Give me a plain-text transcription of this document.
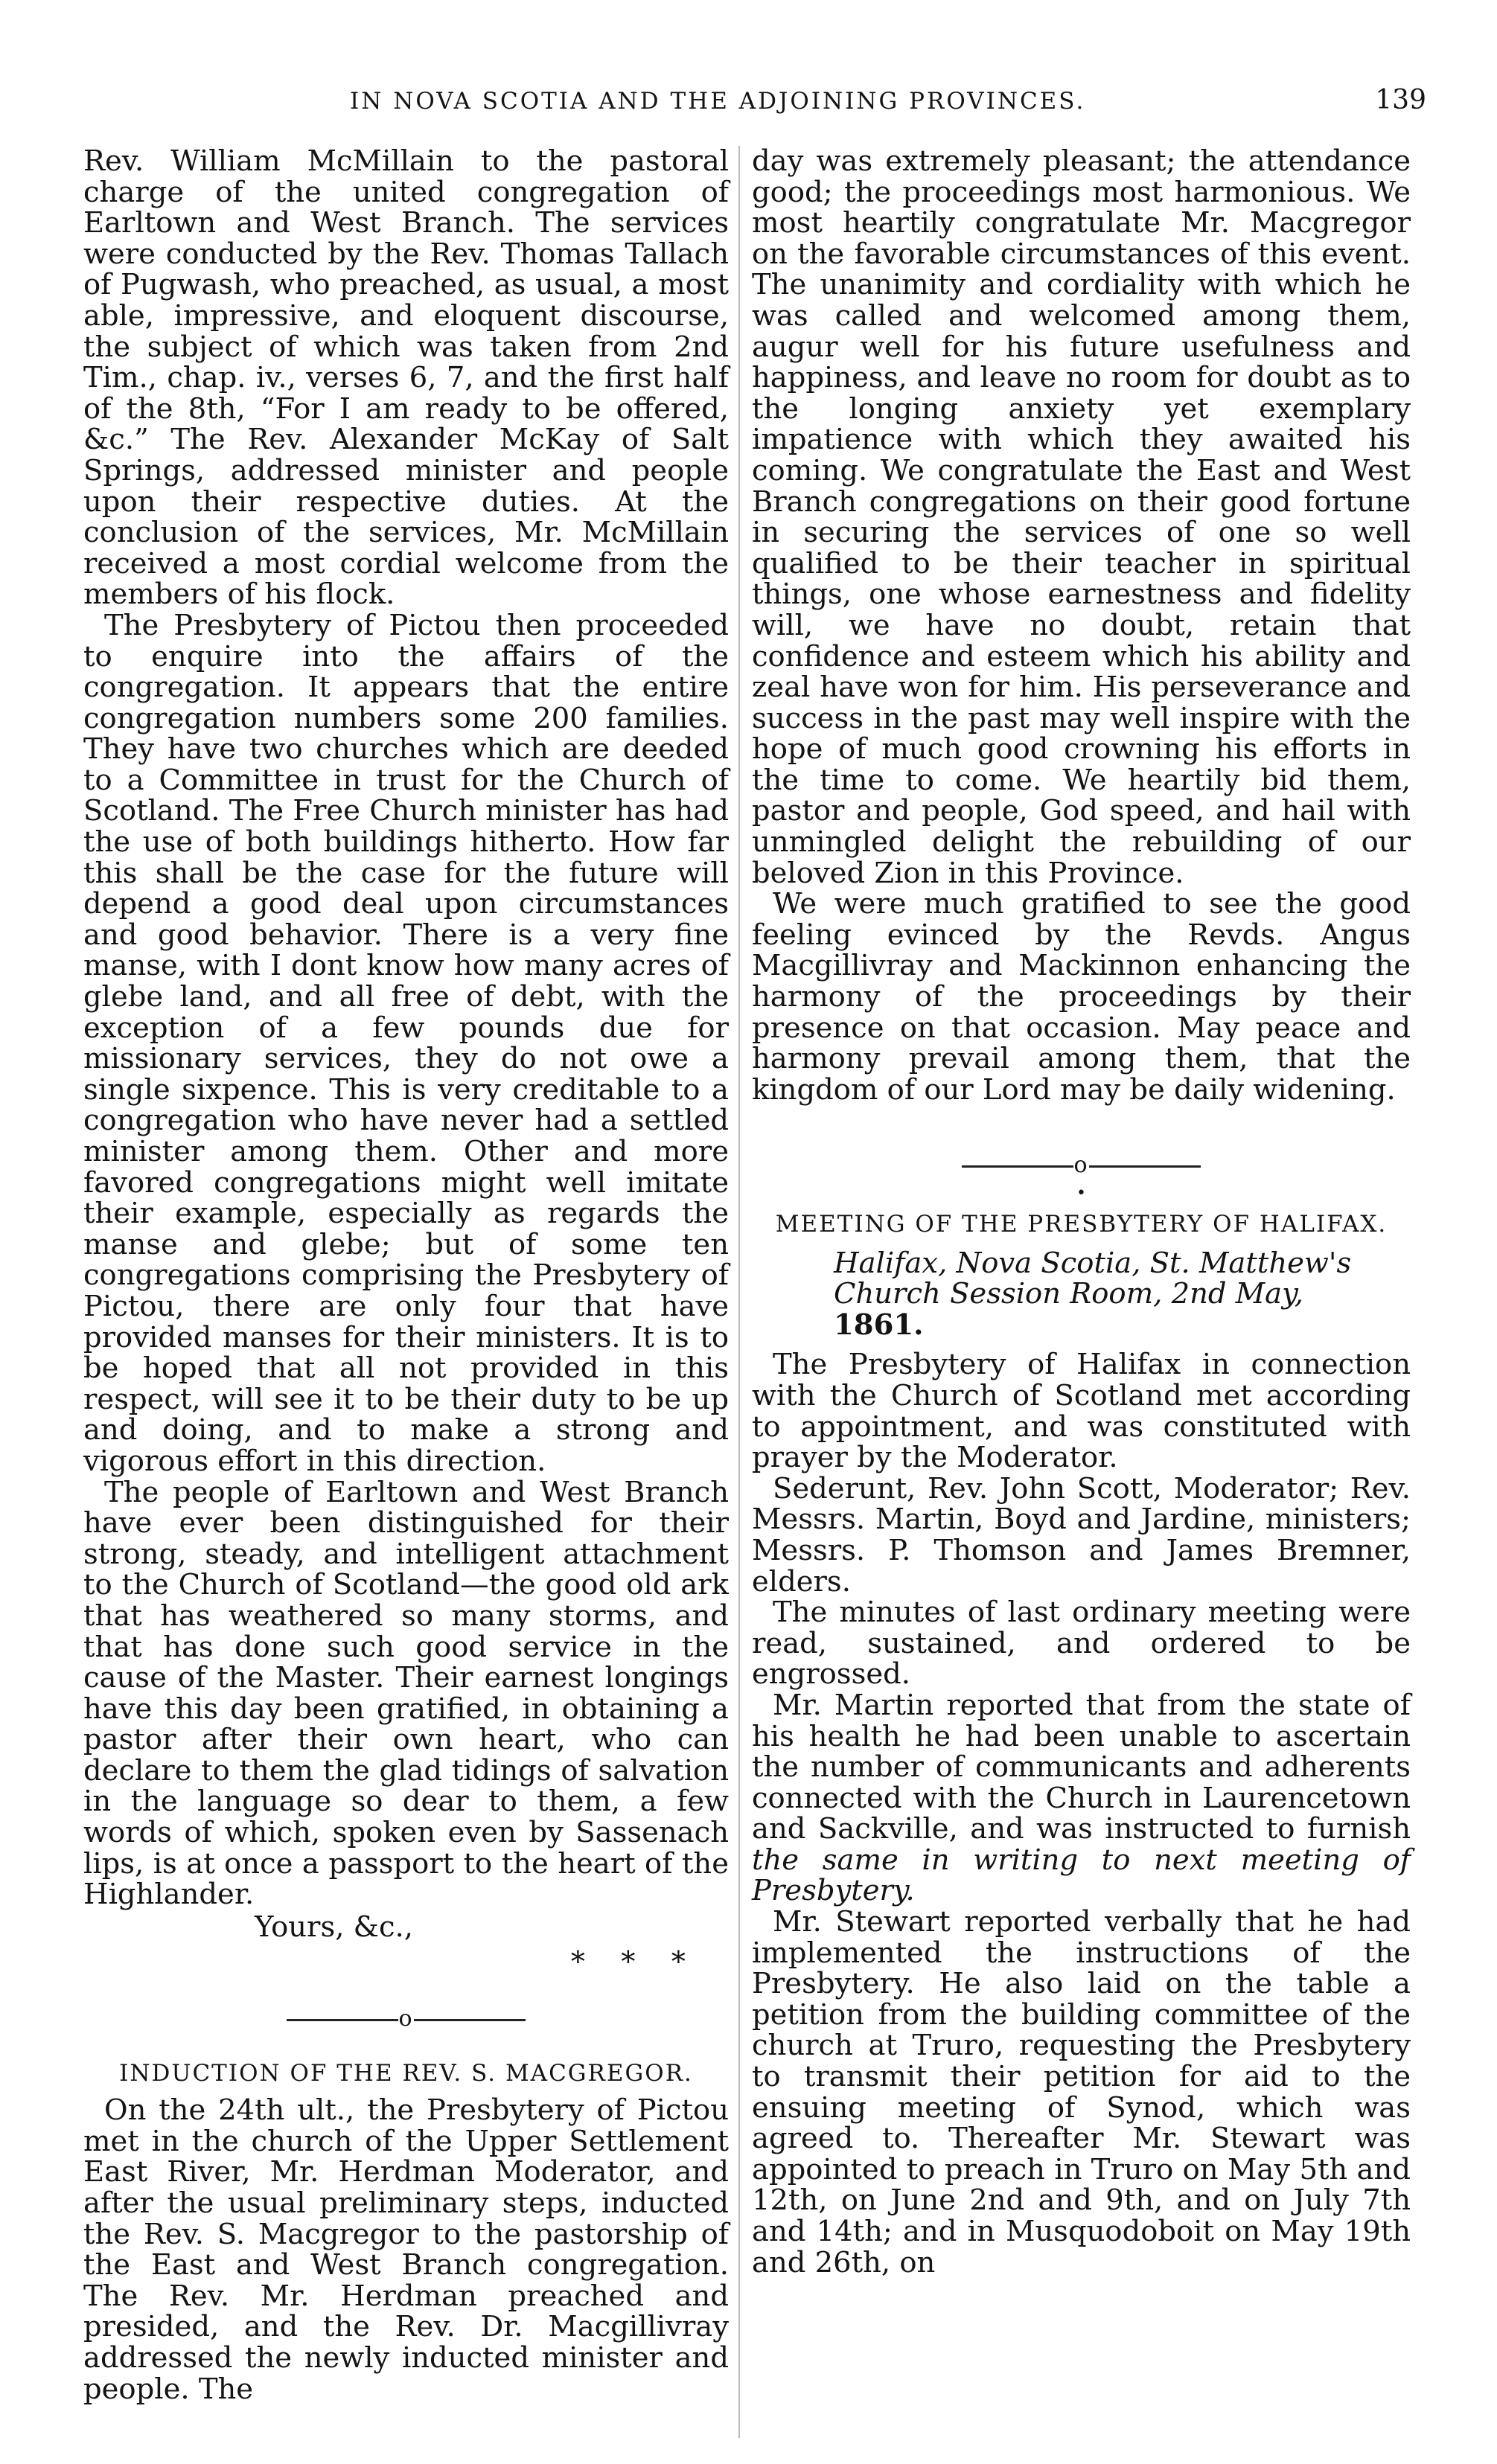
IN NOVA SCOTIA AND THE ADJOINING PROVINCES.	139

Rev. William McMillain to the pastoral charge of the united congregation of Earltown and West Branch. The services were conducted by the Rev. Thomas Tallach of Pugwash, who preached, as usual, a most able, impressive, and eloquent discourse, the subject of which was taken from 2nd Tim., chap. iv., verses 6, 7, and the first half of the 8th, “For I am ready to be offered, &c.” The Rev. Alexander McKay of Salt Springs, addressed minister and people upon their respective duties. At the conclusion of the services, Mr. McMillain received a most cordial welcome from the members of his flock.

The Presbytery of Pictou then proceeded to enquire into the affairs of the congregation. It appears that the entire congregation numbers some 200 families. They have two churches which are deeded to a Committee in trust for the Church of Scotland. The Free Church minister has had the use of both buildings hitherto. How far this shall be the case for the future will depend a good deal upon circumstances and good behavior. There is a very fine manse, with I dont know how many acres of glebe land, and all free of debt, with the exception of a few pounds due for missionary services, they do not owe a single sixpence. This is very creditable to a congregation who have never had a settled minister among them. Other and more favored congregations might well imitate their example, especially as regards the manse and glebe; but of some ten congregations comprising the Presbytery of Pictou, there are only four that have provided manses for their ministers. It is to be hoped that all not provided in this respect, will see it to be their duty to be up and doing, and to make a strong and vigorous effort in this direction.

The people of Earltown and West Branch have ever been distinguished for their strong, steady, and intelligent attachment to the Church of Scotland—the good old ark that has weathered so many storms, and that has done such good service in the cause of the Master. Their earnest longings have this day been gratified, in obtaining a pastor after their own heart, who can declare to them the glad tidings of salvation in the language so dear to them, a few words of which, spoken even by Sassenach lips, is at once a passport to the heart of the Highlander.

Yours, &c.,

* * *

o

INDUCTION OF THE REV. S. MACGREGOR.

On the 24th ult., the Presbytery of Pictou met in the church of the Upper Settlement East River, Mr. Herdman Moderator, and after the usual preliminary steps, inducted the Rev. S. Macgregor to the pastorship of the East and West Branch congregation. The Rev. Mr. Herdman preached and presided, and the Rev. Dr. Macgillivray addressed the newly inducted minister and people. The

day was extremely pleasant; the attendance good; the proceedings most harmonious. We most heartily congratulate Mr. Macgregor on the favorable circumstances of this event. The unanimity and cordiality with which he was called and welcomed among them, augur well for his future usefulness and happiness, and leave no room for doubt as to the longing anxiety yet exemplary impatience with which they awaited his coming. We congratulate the East and West Branch congregations on their good fortune in securing the services of one so well qualified to be their teacher in spiritual things, one whose earnestness and fidelity will, we have no doubt, retain that confidence and esteem which his ability and zeal have won for him. His perseverance and success in the past may well inspire with the hope of much good crowning his efforts in the time to come. We heartily bid them, pastor and people, God speed, and hail with unmingled delight the rebuilding of our beloved Zion in this Province.

We were much gratified to see the good feeling evinced by the Revds. Angus Macgillivray and Mackinnon enhancing the harmony of the proceedings by their presence on that occasion. May peace and harmony prevail among them, that the kingdom of our Lord may be daily widening.

o

•

MEETING OF THE PRESBYTERY OF HALIFAX.

Halifax, Nova Scotia, St. Matthew's Church Session Room, 2nd May,
1861.

The Presbytery of Halifax in connection with the Church of Scotland met according to appointment, and was constituted with prayer by the Moderator.

Sederunt, Rev. John Scott, Moderator; Rev. Messrs. Martin, Boyd and Jardine, ministers; Messrs. P. Thomson and James Bremner, elders.

The minutes of last ordinary meeting were read, sustained, and ordered to be engrossed.

Mr. Martin reported that from the state of his health he had been unable to ascertain the number of communicants and adherents connected with the Church in Laurencetown and Sackville, and was instructed to furnish the same in writing to next meeting of Presbytery.

Mr. Stewart reported verbally that he had implemented the instructions of the Presbytery. He also laid on the table a petition from the building committee of the church at Truro, requesting the Presbytery to transmit their petition for aid to the ensuing meeting of Synod, which was agreed to. Thereafter Mr. Stewart was appointed to preach in Truro on May 5th and 12th, on June 2nd and 9th, and on July 7th and 14th; and in Musquodoboit on May 19th and 26th, on
